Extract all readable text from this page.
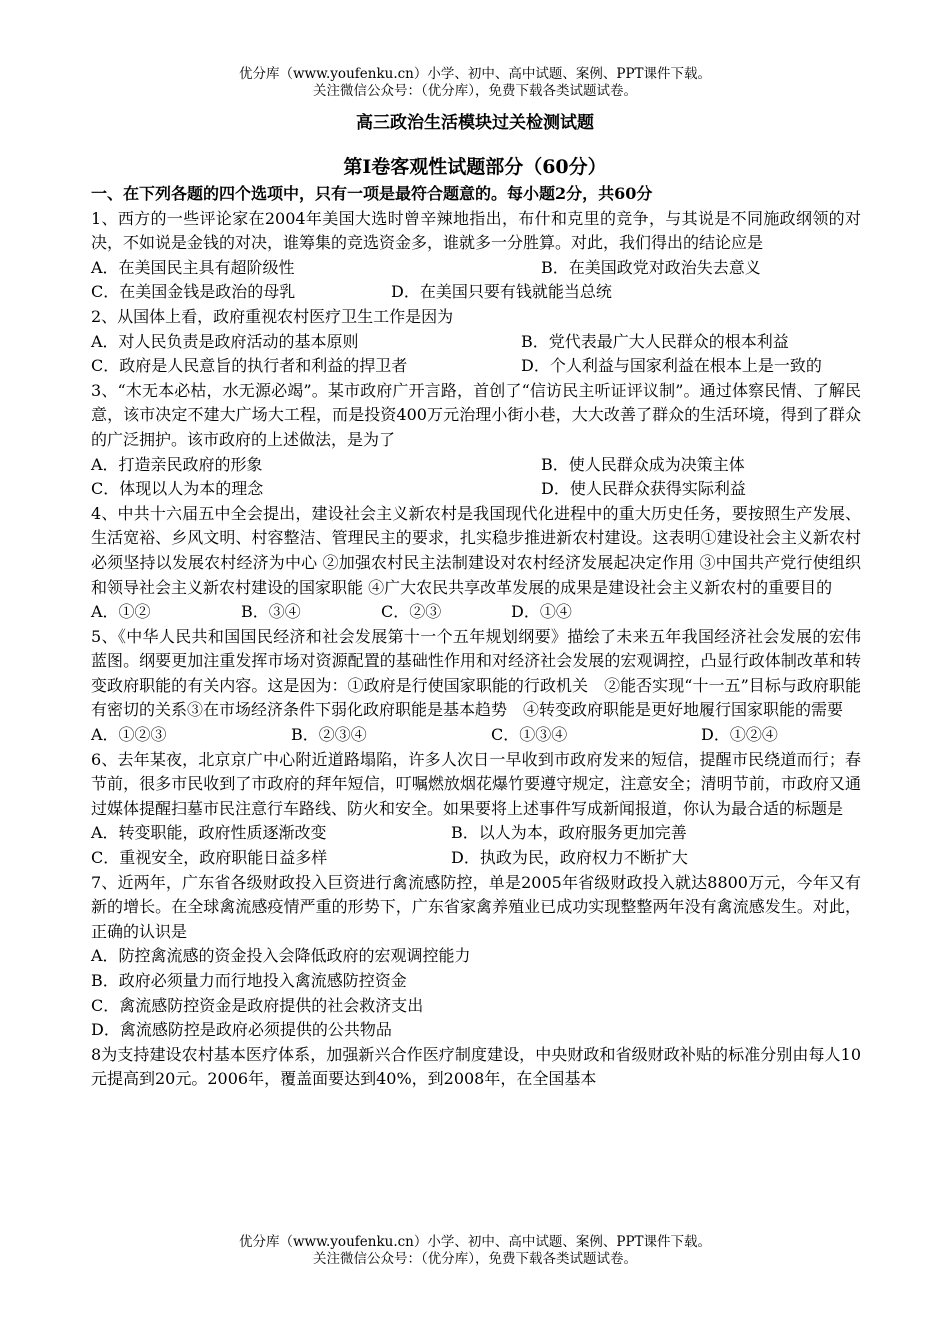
优分库（www.youfenku.cn）小学、初中、高中试题、案例、PPT课件下载。
关注微信公众号：（优分库），免费下载各类试题试卷。
高三政治生活模块过关检测试题
第I卷客观性试题部分（60分）

一、在下列各题的四个选项中，只有一项是最符合题意的。每小题2分，共60分

1、西方的一些评论家在2004年美国大选时曾辛辣地指出，布什和克里的竞争，与其说是不同施政纲领的对决，不如说是金钱的对决，谁筹集的竞选资金多，谁就多一分胜算。对此，我们得出的结论应是

A．在美国民主具有超阶级性	B．在美国政党对政治失去意义
C．在美国金钱是政治的母乳	D．在美国只要有钱就能当总统

2、从国体上看，政府重视农村医疗卫生工作是因为

A．对人民负责是政府活动的基本原则	B．党代表最广大人民群众的根本利益
C．政府是人民意旨的执行者和利益的捍卫者	D．个人利益与国家利益在根本上是一致的

3、“木无本必枯，水无源必竭”。某市政府广开言路，首创了“信访民主听证评议制”。通过体察民情、了解民意，该市决定不建大广场大工程，而是投资400万元治理小街小巷，大大改善了群众的生活环境，得到了群众的广泛拥护。该市政府的上述做法，是为了

A．打造亲民政府的形象	B．使人民群众成为决策主体
C．体现以人为本的理念	D．使人民群众获得实际利益

4、中共十六届五中全会提出，建设社会主义新农村是我国现代化进程中的重大历史任务，要按照生产发展、生活宽裕、乡风文明、村容整洁、管理民主的要求，扎实稳步推进新农村建设。这表明①建设社会主义新农村必须坚持以发展农村经济为中心 ②加强农村民主法制建设对农村经济发展起决定作用 ③中国共产党行使组织和领导社会主义新农村建设的国家职能 ④广大农民共享改革发展的成果是建设社会主义新农村的重要目的

A．①②	B．③④	C．②③	D．①④

5、《中华人民共和国国民经济和社会发展第十一个五年规划纲要》描绘了未来五年我国经济社会发展的宏伟蓝图。纲要更加注重发挥市场对资源配置的基础性作用和对经济社会发展的宏观调控，凸显行政体制改革和转变政府职能的有关内容。这是因为：①政府是行使国家职能的行政机关　②能否实现“十一五”目标与政府职能有密切的关系③在市场经济条件下弱化政府职能是基本趋势　④转变政府职能是更好地履行国家职能的需要

A．①②③	B．②③④	C．①③④	D．①②④

6、去年某夜，北京京广中心附近道路塌陷，许多人次日一早收到市政府发来的短信，提醒市民绕道而行；春节前，很多市民收到了市政府的拜年短信，叮嘱燃放烟花爆竹要遵守规定，注意安全；清明节前，市政府又通过媒体提醒扫墓市民注意行车路线、防火和安全。如果要将上述事件写成新闻报道，你认为最合适的标题是

A．转变职能，政府性质逐渐改变	B．以人为本，政府服务更加完善
C．重视安全，政府职能日益多样	D．执政为民，政府权力不断扩大

7、近两年，广东省各级财政投入巨资进行禽流感防控，单是2005年省级财政投入就达8800万元，今年又有新的增长。在全球禽流感疫情严重的形势下，广东省家禽养殖业已成功实现整整两年没有禽流感发生。对此，正确的认识是

A．防控禽流感的资金投入会降低政府的宏观调控能力

B．政府必须量力而行地投入禽流感防控资金

C．禽流感防控资金是政府提供的社会救济支出

D．禽流感防控是政府必须提供的公共物品

8为支持建设农村基本医疗体系，加强新兴合作医疗制度建设，中央财政和省级财政补贴的标准分别由每人10元提高到20元。2006年，覆盖面要达到40%，到2008年，在全国基本

优分库（www.youfenku.cn）小学、初中、高中试题、案例、PPT课件下载。
关注微信公众号：（优分库），免费下载各类试题试卷。
